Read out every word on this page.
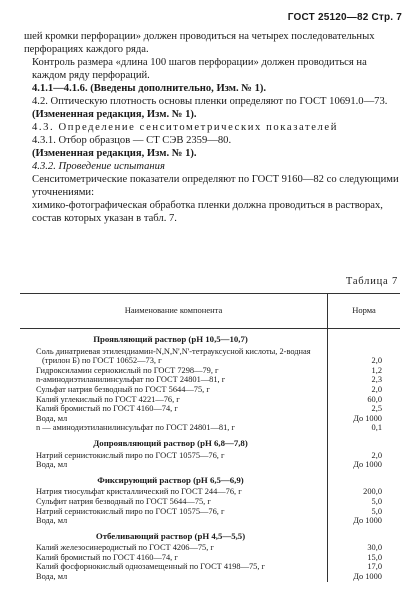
ГОСТ 25120—82 Стр. 7

шей кромки перфорации» должен проводиться на четырех последовательных перфорациях каждого ряда.

Контроль размера «длина 100 шагов перфорации» должен проводиться на каждом ряду перфораций.

4.1.1—4.1.6. (Введены дополнительно, Изм. № 1).

4.2. Оптическую плотность основы пленки определяют по ГОСТ 10691.0—73.

(Измененная редакция, Изм. № 1).

4.3. Определение сенситометрических показателей

4.3.1. Отбор образцов — СТ СЭВ 2359—80.

(Измененная редакция, Изм. № 1).

4.3.2. Проведение испытания

Сенситометрические показатели определяют по ГОСТ 9160—82 со следующими уточнениями:

химико-фотографическая обработка пленки должна проводиться в растворах, состав которых указан в табл. 7.

Таблица 7
Наименование компонента	Норма
Проявляющий раствор (рН 10,5—10,7)	
Соль динатриевая этилендиамин-N,N,N',N'-тетрауксусной кислоты, 2-водная (трилон Б) по ГОСТ 10652—73, г	2,0
Гидроксиламин сернокислый по ГОСТ 7298—79, г	1,2
n-аминодиэтиланилинсульфат по ГОСТ 24801—81, г	2,3
Сульфат натрия безводный по ГОСТ 5644—75, г	2,0
Калий углекислый по ГОСТ 4221—76, г	60,0
Калий бромистый по ГОСТ 4160—74, г	2,5
Вода, мл	До 1000
n — аминодиэтиланилинсульфат по ГОСТ 24801—81, г	0,1
Допроявляющий раствор (рН 6,8—7,8)	
Натрий сернистокислый пиро по ГОСТ 10575—76, г	2,0
Вода, мл	До 1000
Фиксирующий раствор (рН 6,5—6,9)	
Натрия тиосульфат кристаллический по ГОСТ 244—76, г	200,0
Сульфит натрия безводный по ГОСТ 5644—75, г	5,0
Натрий сернистокислый пиро по ГОСТ 10575—76, г	5,0
Вода, мл	До 1000
Отбеливающий раствор (рН 4,5—5,5)	
Калий железосинеродистый по ГОСТ 4206—75, г	30,0
Калий бромистый по ГОСТ 4160—74, г	15,0
Калий фосфорнокислый однозамещенный по ГОСТ 4198—75, г	17,0
Вода, мл	До 1000
